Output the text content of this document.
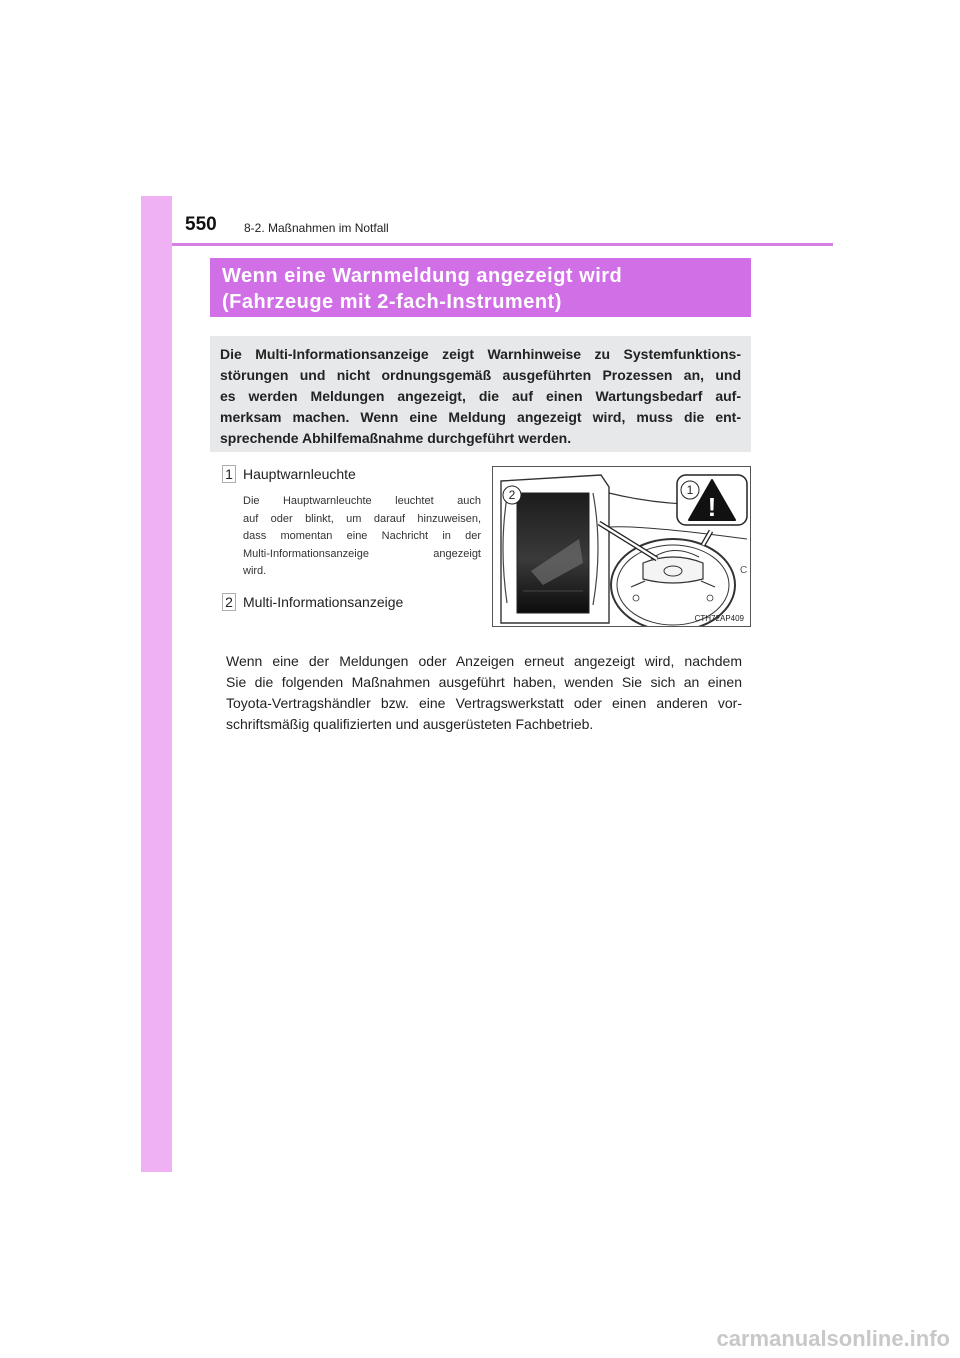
550 8-2. Maßnahmen im Notfall
Wenn eine Warnmeldung angezeigt wird
(Fahrzeuge mit 2-fach-Instrument)
Die Multi-Informationsanzeige zeigt Warnhinweise zu Systemfunktions-
störungen und nicht ordnungsgemäß ausgeführten Prozessen an, und
es werden Meldungen angezeigt, die auf einen Wartungsbedarf auf-
merksam machen. Wenn eine Meldung angezeigt wird, muss die ent-
sprechende Abhilfemaßnahme durchgeführt werden.
1 Hauptwarnleuchte
Die Hauptwarnleuchte leuchtet auch
auf oder blinkt, um darauf hinzuweisen,
dass momentan eine Nachricht in der
Multi-Informationsanzeige angezeigt
wird.
2 Multi-Informationsanzeige
!
1
2
C
CTH72AP409
Wenn eine der Meldungen oder Anzeigen erneut angezeigt wird, nachdem
Sie die folgenden Maßnahmen ausgeführt haben, wenden Sie sich an einen
Toyota-Vertragshändler bzw. eine Vertragswerkstatt oder einen anderen vor-
schriftsmäßig qualifizierten und ausgerüsteten Fachbetrieb.
carmanualsonline.info
